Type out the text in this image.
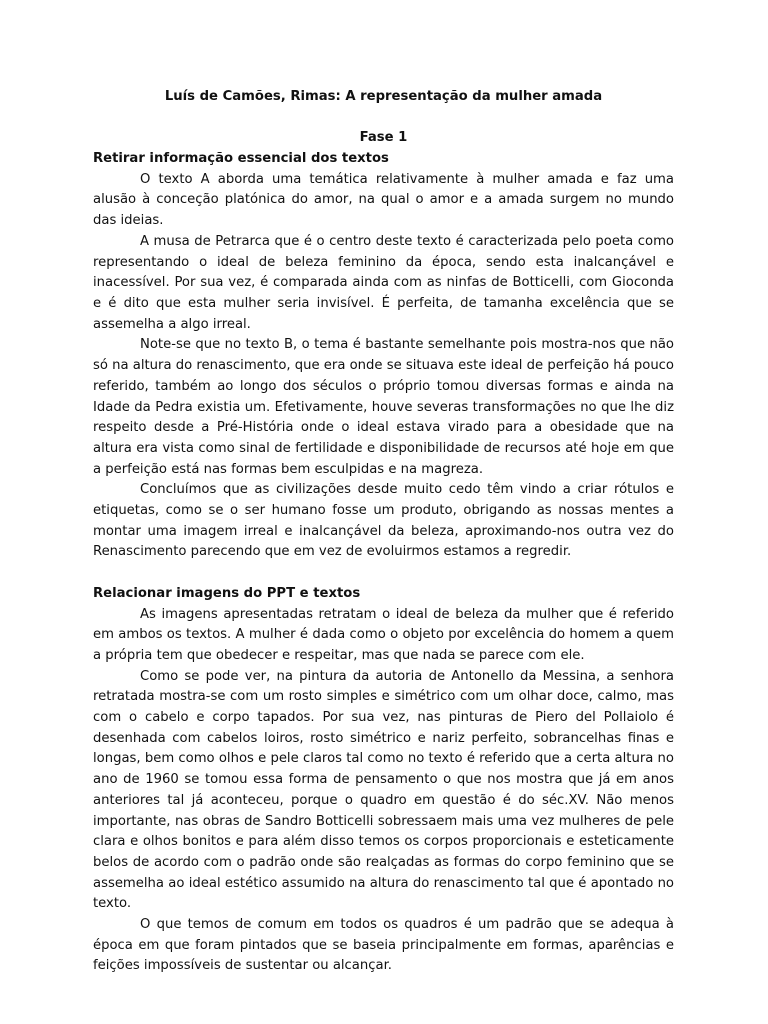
Luís de Camões, Rimas: A representação da mulher amada

Fase 1

Retirar informação essencial dos textos

O texto A aborda uma temática relativamente à mulher amada e faz uma alusão à conceção platónica do amor, na qual o amor e a amada surgem no mundo das ideias.

A musa de Petrarca que é o centro deste texto é caracterizada pelo poeta como representando o ideal de beleza feminino da época, sendo esta inalcançável e inacessível. Por sua vez, é comparada ainda com as ninfas de Botticelli, com Gioconda e é dito que esta mulher seria invisível. É perfeita, de tamanha excelência que se assemelha a algo irreal.

Note-se que no texto B, o tema é bastante semelhante pois mostra-nos que não só na altura do renascimento, que era onde se situava este ideal de perfeição há pouco referido, também ao longo dos séculos o próprio tomou diversas formas e ainda na Idade da Pedra existia um. Efetivamente, houve severas transformações no que lhe diz respeito desde a Pré-História onde o ideal estava virado para a obesidade que na altura era vista como sinal de fertilidade e disponibilidade de recursos até hoje em que a perfeição está nas formas bem esculpidas e na magreza.

Concluímos que as civilizações desde muito cedo têm vindo a criar rótulos e etiquetas, como se o ser humano fosse um produto, obrigando as nossas mentes a montar uma imagem irreal e inalcançável da beleza, aproximando-nos outra vez do Renascimento parecendo que em vez de evoluirmos estamos a regredir.

Relacionar imagens do PPT e textos

As imagens apresentadas retratam o ideal de beleza da mulher que é referido em ambos os textos. A mulher é dada como o objeto por excelência do homem a quem a própria tem que obedecer e respeitar, mas que nada se parece com ele.

Como se pode ver, na pintura da autoria de Antonello da Messina, a senhora retratada mostra-se com um rosto simples e simétrico com um olhar doce, calmo, mas com o cabelo e corpo tapados. Por sua vez, nas pinturas de Piero del Pollaiolo é desenhada com cabelos loiros, rosto simétrico e nariz perfeito, sobrancelhas finas e longas, bem como olhos e pele claros tal como no texto é referido que a certa altura no ano de 1960 se tomou essa forma de pensamento o que nos mostra que já em anos anteriores tal já aconteceu, porque o quadro em questão é do séc.XV. Não menos importante, nas obras de Sandro Botticelli sobressaem mais uma vez mulheres de pele clara e olhos bonitos e para além disso temos os corpos proporcionais e esteticamente belos de acordo com o padrão onde são realçadas as formas do corpo feminino que se assemelha ao ideal estético assumido na altura do renascimento tal que é apontado no texto.

O que temos de comum em todos os quadros é um padrão que se adequa à época em que foram pintados que se baseia principalmente em formas, aparências e feições impossíveis de sustentar ou alcançar.
